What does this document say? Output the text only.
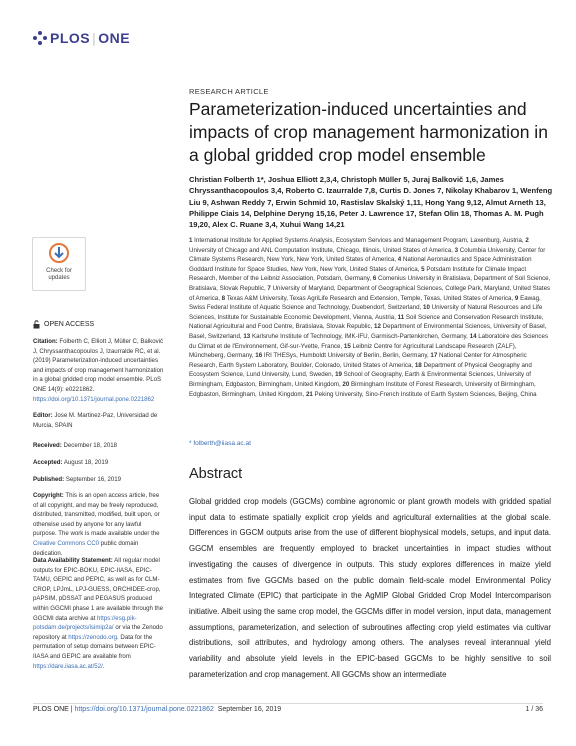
PLOS | ONE
RESEARCH ARTICLE
Parameterization-induced uncertainties and impacts of crop management harmonization in a global gridded crop model ensemble

Christian Folberth 1*, Joshua Elliott 2,3,4, Christoph Müller 5, Juraj Balkovič 1,6, James Chryssanthacopoulos 3,4, Roberto C. Izaurralde 7,8, Curtis D. Jones 7, Nikolay Khabarov 1, Wenfeng Liu 9, Ashwan Reddy 7, Erwin Schmid 10, Rastislav Skalský 1,11, Hong Yang 9,12, Almut Arneth 13, Philippe Ciais 14, Delphine Deryng 15,16, Peter J. Lawrence 17, Stefan Olin 18, Thomas A. M. Pugh 19,20, Alex C. Ruane 3,4, Xuhui Wang 14,21

1 International Institute for Applied Systems Analysis, Ecosystem Services and Management Program, Laxenburg, Austria, 2 University of Chicago and ANL Computation Institute, Chicago, Illinois, United States of America, 3 Columbia University, Center for Climate Systems Research, New York, New York, United States of America, 4 National Aeronautics and Space Administration Goddard Institute for Space Studies, New York, New York, United States of America, 5 Potsdam Institute for Climate Impact Research, Member of the Leibniz Association, Potsdam, Germany, 6 Comenius University in Bratislava, Department of Soil Science, Bratislava, Slovak Republic, 7 University of Maryland, Department of Geographical Sciences, College Park, Maryland, United States of America, 8 Texas A&M University, Texas AgriLife Research and Extension, Temple, Texas, United States of America, 9 Eawag, Swiss Federal Institute of Aquatic Science and Technology, Duebendorf, Switzerland, 10 University of Natural Resources and Life Sciences, Institute for Sustainable Economic Development, Vienna, Austria, 11 Soil Science and Conservation Research Institute, National Agricultural and Food Centre, Bratislava, Slovak Republic, 12 Department of Environmental Sciences, University of Basel, Basel, Switzerland, 13 Karlsruhe Institute of Technology, IMK-IFU, Garmisch-Partenkirchen, Germany, 14 Laboratoire des Sciences du Climat et de l'Environnement, Gif-sur-Yvette, France, 15 Leibniz Centre for Agricultural Landscape Research (ZALF), Müncheberg, Germany, 16 IRI THESys, Humboldt University of Berlin, Berlin, Germany, 17 National Center for Atmospheric Research, Earth System Laboratory, Boulder, Colorado, United States of America, 18 Department of Physical Geography and Ecosystem Science, Lund University, Lund, Sweden, 19 School of Geography, Earth & Environmental Sciences, University of Birmingham, Edgbaston, Birmingham, United Kingdom, 20 Birmingham Institute of Forest Research, University of Birmingham, Edgbaston, Birmingham, United Kingdom, 21 Peking University, Sino-French Institute of Earth System Sciences, Beijing, China

* folberth@iiasa.ac.at
Abstract

Global gridded crop models (GGCMs) combine agronomic or plant growth models with gridded spatial input data to estimate spatially explicit crop yields and agricultural externalities at the global scale. Differences in GGCM outputs arise from the use of different biophysical models, setups, and input data. GGCM ensembles are frequently employed to bracket uncertainties in impact studies without investigating the causes of divergence in outputs. This study explores differences in maize yield estimates from five GGCMs based on the public domain field-scale model Environmental Policy Integrated Climate (EPIC) that participate in the AgMIP Global Gridded Crop Model Intercomparison initiative. Albeit using the same crop model, the GGCMs differ in model version, input data, management assumptions, parameterization, and selection of subroutines affecting crop yield estimates via cultivar distributions, soil attributes, and hydrology among others. The analyses reveal interannual yield variability and absolute yield levels in the EPIC-based GGCMs to be highly sensitive to soil parameterization and crop management. All GGCMs show an intermediate

Check for
updates
OPEN ACCESS
Citation: Folberth C, Elliott J, Müller C, Balkovič J, Chryssanthacopoulos J, Izaurralde RC, et al. (2019) Parameterization-induced uncertainties and impacts of crop management harmonization in a global gridded crop model ensemble. PLoS ONE 14(9): e0221862. https://doi.org/10.1371/journal.pone.0221862
Editor: Jose M. Martinez-Paz, Universidad de Murcia, SPAIN
Received: December 18, 2018
Accepted: August 18, 2019
Published: September 16, 2019
Copyright: This is an open access article, free of all copyright, and may be freely reproduced, distributed, transmitted, modified, built upon, or otherwise used by anyone for any lawful purpose. The work is made available under the Creative Commons CC0 public domain dedication.
Data Availability Statement: All regular model outputs for EPIC-BOKU, EPIC-IIASA, EPIC-TAMU, GEPIC and PEPIC, as well as for CLM-CROP, LPJmL, LPJ-GUESS, ORCHIDEE-crop, pAPSIM, pDSSAT and PEGASUS produced within GGCMI phase 1 are available through the GGCMI data archive at https://esg.pik-potsdam.de/projects/isimip2a/ or via the Zenodo repository at https://zenodo.org. Data for the permutation of setup domains between EPIC-IIASA and GEPIC are available from https://dare.iiasa.ac.at/52/.
PLOS ONE | https://doi.org/10.1371/journal.pone.0221862 September 16, 2019	1 / 36
